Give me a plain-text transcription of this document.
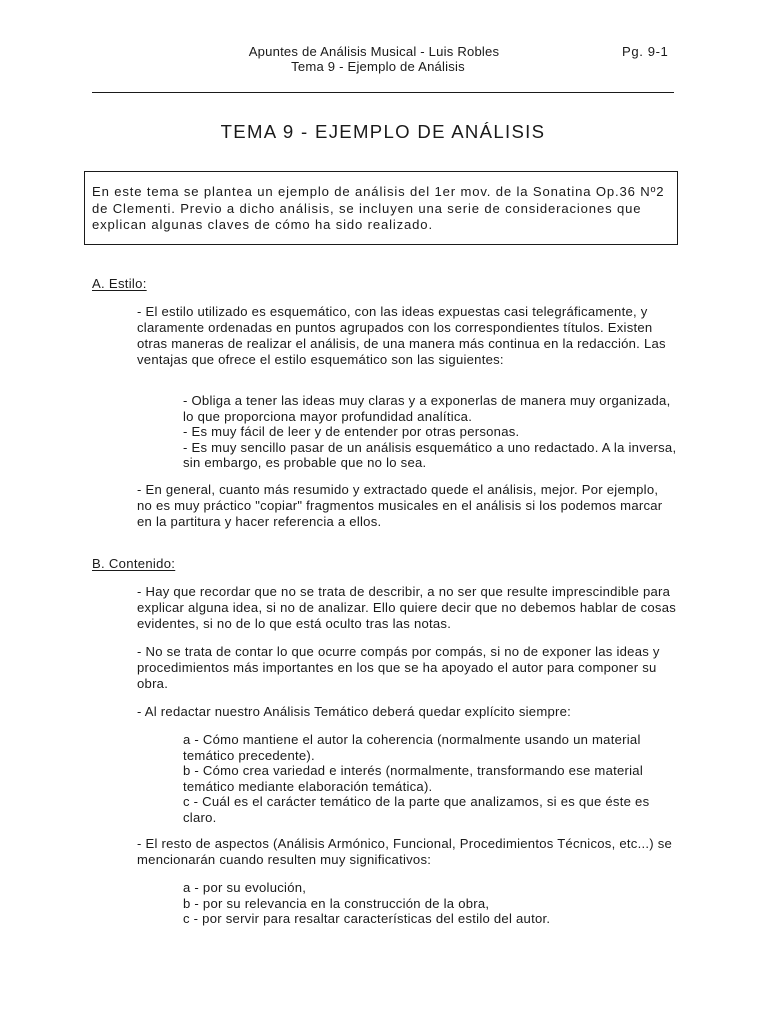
Apuntes de Análisis Musical - Luis Robles	Pg. 9-1
Tema 9 - Ejemplo de Análisis
TEMA 9 - EJEMPLO DE ANÁLISIS
En este tema se plantea un ejemplo de análisis del 1er mov. de la Sonatina Op.36 Nº2 de Clementi. Previo a dicho análisis, se incluyen una serie de consideraciones que explican algunas claves de cómo ha sido realizado.
A. Estilo:
- El estilo utilizado es esquemático, con las ideas expuestas casi telegráficamente, y claramente ordenadas en puntos agrupados con los correspondientes títulos. Existen otras maneras de realizar el análisis, de una manera más continua en la redacción. Las ventajas que ofrece el estilo esquemático son las siguientes:
- Obliga a tener las ideas muy claras y a exponerlas de manera muy organizada, lo que proporciona mayor profundidad analítica.
- Es muy fácil de leer y de entender por otras personas.
- Es muy sencillo pasar de un análisis esquemático a uno redactado. A la inversa, sin embargo, es probable que no lo sea.
- En general, cuanto más resumido y extractado quede el análisis, mejor. Por ejemplo, no es muy práctico "copiar" fragmentos musicales en el análisis si los podemos marcar en la partitura y hacer referencia a ellos.
B. Contenido:
- Hay que recordar que no se trata de describir, a no ser que resulte imprescindible para explicar alguna idea, si no de analizar. Ello quiere decir que no debemos hablar de cosas evidentes, si no de lo que está oculto tras las notas.
- No se trata de contar lo que ocurre compás por compás, si no de exponer las ideas y procedimientos más importantes en los que se ha apoyado el autor para componer su obra.
- Al redactar nuestro Análisis Temático deberá quedar explícito siempre:
a - Cómo mantiene el autor la coherencia (normalmente usando un material temático precedente).
b - Cómo crea variedad e interés (normalmente, transformando ese material temático mediante elaboración temática).
c - Cuál es el carácter temático de la parte que analizamos, si es que éste es claro.
- El resto de aspectos (Análisis Armónico, Funcional, Procedimientos Técnicos, etc...) se mencionarán cuando resulten muy significativos:
a - por su evolución,
b - por su relevancia en la construcción de la obra,
c - por servir para resaltar características del estilo del autor.
